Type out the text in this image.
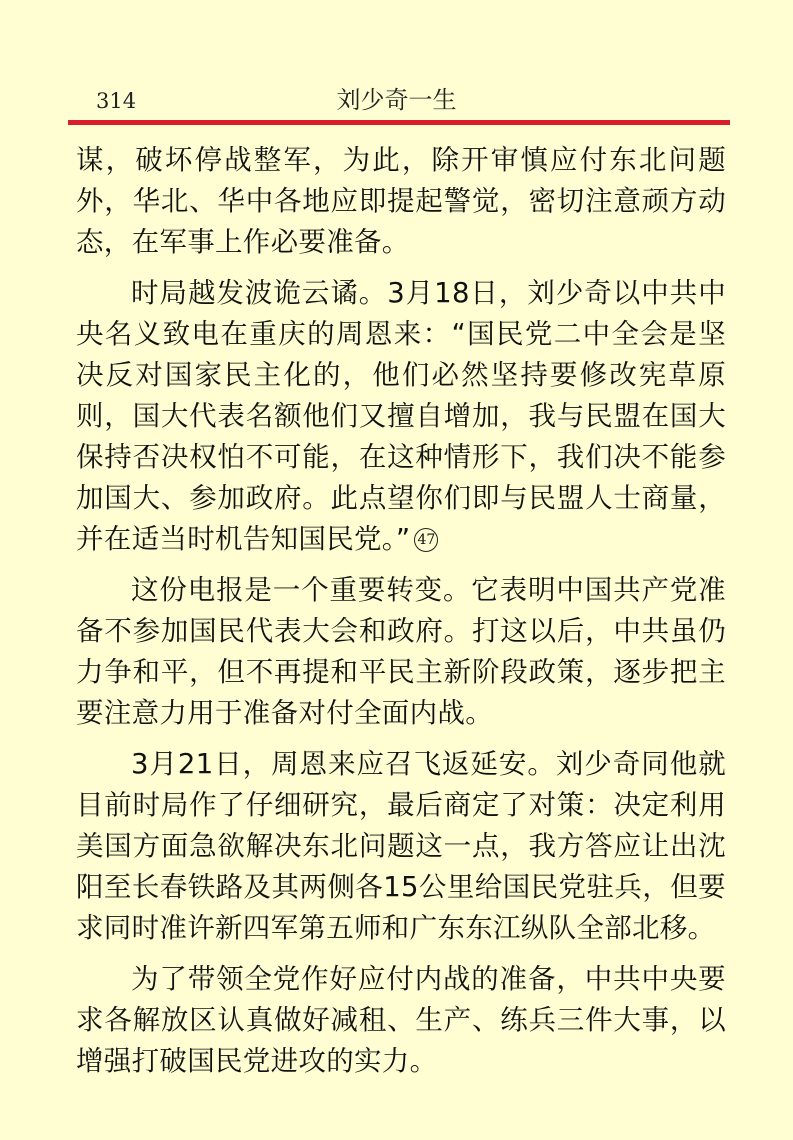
314	刘少奇一生

谋，破坏停战整军，为此，除开审慎应付东北问题外，华北、华中各地应即提起警觉，密切注意顽方动态，在军事上作必要准备。

时局越发波诡云谲。3月18日，刘少奇以中共中央名义致电在重庆的周恩来：“国民党二中全会是坚决反对国家民主化的，他们必然坚持要修改宪草原则，国大代表名额他们又擅自增加，我与民盟在国大保持否决权怕不可能，在这种情形下，我们决不能参加国大、参加政府。此点望你们即与民盟人士商量，并在适当时机告知国民党。” 47

这份电报是一个重要转变。它表明中国共产党准备不参加国民代表大会和政府。打这以后，中共虽仍力争和平，但不再提和平民主新阶段政策，逐步把主要注意力用于准备对付全面内战。

3月21日，周恩来应召飞返延安。刘少奇同他就目前时局作了仔细研究，最后商定了对策：决定利用美国方面急欲解决东北问题这一点，我方答应让出沈阳至长春铁路及其两侧各15公里给国民党驻兵，但要求同时准许新四军第五师和广东东江纵队全部北移。

为了带领全党作好应付内战的准备，中共中央要求各解放区认真做好减租、生产、练兵三件大事，以增强打破国民党进攻的实力。
